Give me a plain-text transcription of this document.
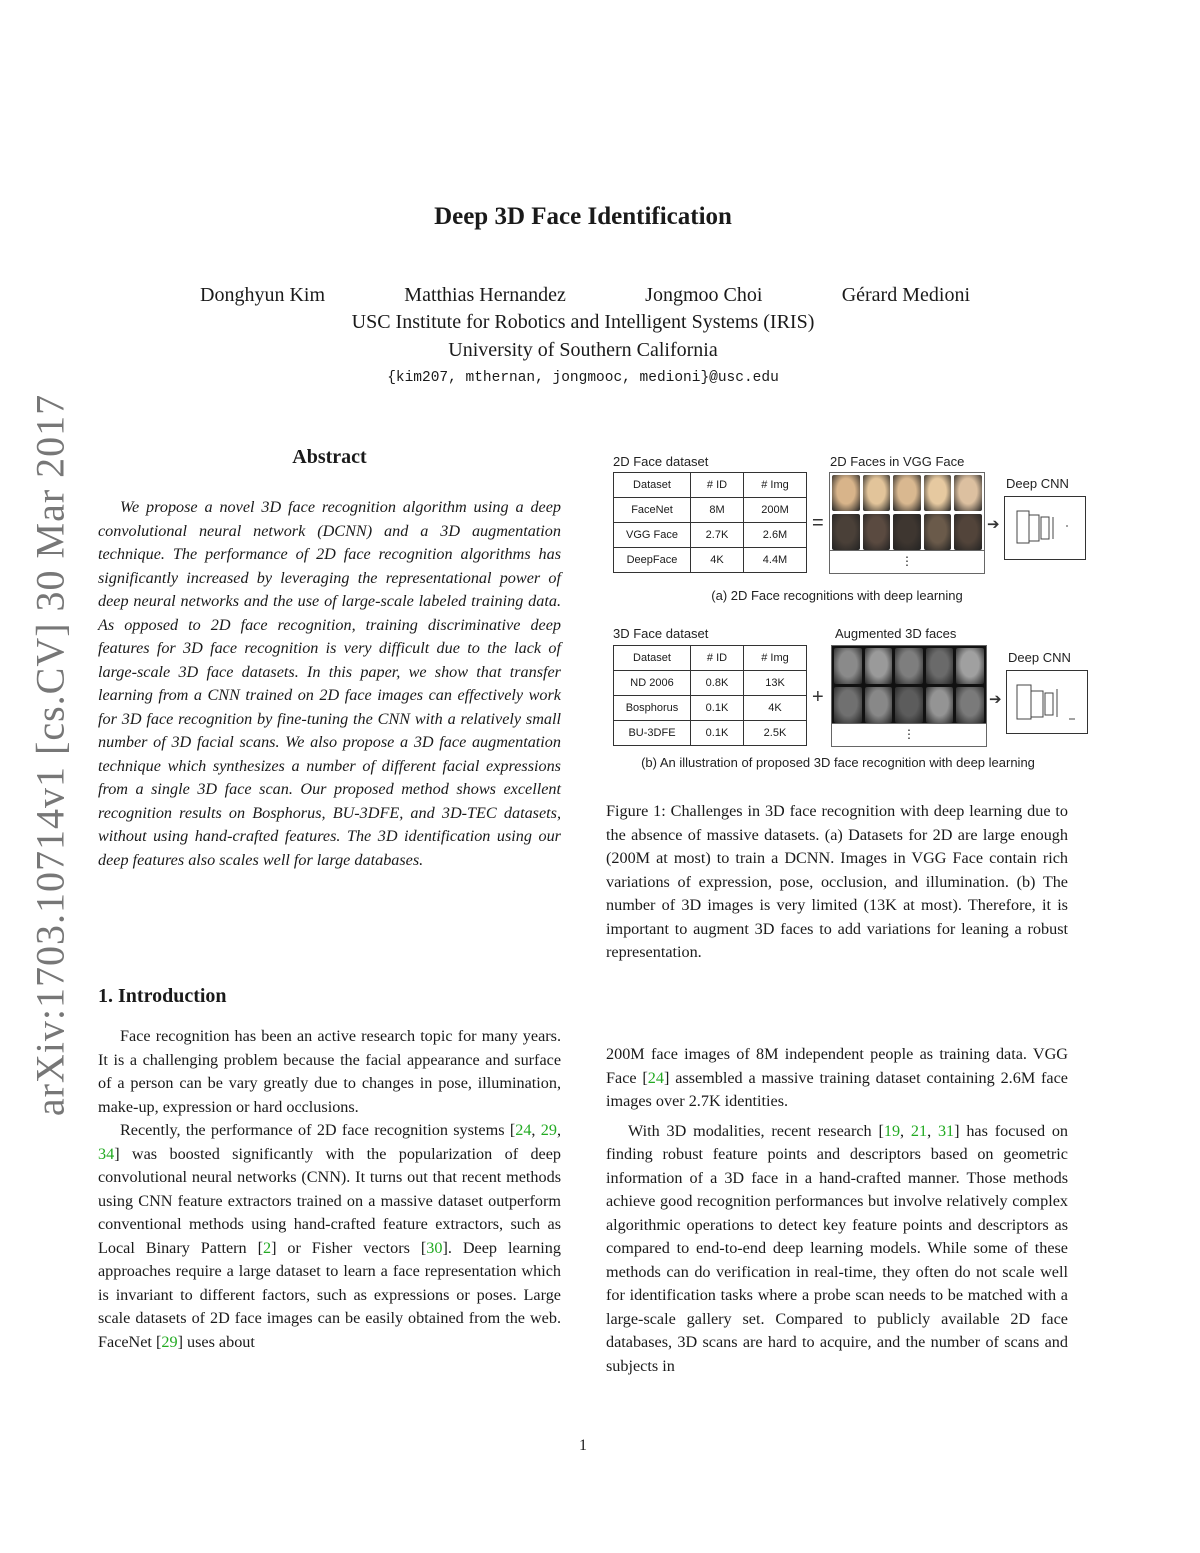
arXiv:1703.10714v1 [cs.CV] 30 Mar 2017
Deep 3D Face Identification
Donghyun Kim	Matthias Hernandez	Jongmoo Choi	Gérard Medioni
USC Institute for Robotics and Intelligent Systems (IRIS)
University of Southern California
{kim207, mthernan, jongmooc, medioni}@usc.edu
Abstract

We propose a novel 3D face recognition algorithm using a deep convolutional neural network (DCNN) and a 3D augmentation technique. The performance of 2D face recognition algorithms has significantly increased by leveraging the representational power of deep neural networks and the use of large-scale labeled training data. As opposed to 2D face recognition, training discriminative deep features for 3D face recognition is very difficult due to the lack of large-scale 3D face datasets. In this paper, we show that transfer learning from a CNN trained on 2D face images can effectively work for 3D face recognition by fine-tuning the CNN with a relatively small number of 3D facial scans. We also propose a 3D face augmentation technique which synthesizes a number of different facial expressions from a single 3D face scan. Our proposed method shows excellent recognition results on Bosphorus, BU-3DFE, and 3D-TEC datasets, without using hand-crafted features. The 3D identification using our deep features also scales well for large databases.

1. Introduction

Face recognition has been an active research topic for many years. It is a challenging problem because the facial appearance and surface of a person can be vary greatly due to changes in pose, illumination, make-up, expression or hard occlusions.

Recently, the performance of 2D face recognition systems [24, 29, 34] was boosted significantly with the popularization of deep convolutional neural networks (CNN). It turns out that recent methods using CNN feature extractors trained on a massive dataset outperform conventional methods using hand-crafted feature extractors, such as Local Binary Pattern [2] or Fisher vectors [30]. Deep learning approaches require a large dataset to learn a face representation which is invariant to different factors, such as expressions or poses. Large scale datasets of 2D face images can be easily obtained from the web. FaceNet [29] uses about

2D Face dataset	2D Faces in VGG Face
Dataset	# ID	# Img
FaceNet	8M	200M
VGG Face	2.7K	2.6M
DeepFace	4K	4.4M
=
⋮
➔
Deep CNN
(a) 2D Face recognitions with deep learning
3D Face dataset	Augmented 3D faces
Dataset	# ID	# Img
ND 2006	0.8K	13K
Bosphorus	0.1K	4K
BU-3DFE	0.1K	2.5K
+
⋮
➔
Deep CNN
(b) An illustration of proposed 3D face recognition with deep learning

Figure 1: Challenges in 3D face recognition with deep learning due to the absence of massive datasets. (a) Datasets for 2D are large enough (200M at most) to train a DCNN. Images in VGG Face contain rich variations of expression, pose, occlusion, and illumination. (b) The number of 3D images is very limited (13K at most). Therefore, it is important to augment 3D faces to add variations for leaning a robust representation.

200M face images of 8M independent people as training data. VGG Face [24] assembled a massive training dataset containing 2.6M face images over 2.7K identities.

With 3D modalities, recent research [19, 21, 31] has focused on finding robust feature points and descriptors based on geometric information of a 3D face in a hand-crafted manner. Those methods achieve good recognition performances but involve relatively complex algorithmic operations to detect key feature points and descriptors as compared to end-to-end deep learning models. While some of these methods can do verification in real-time, they often do not scale well for identification tasks where a probe scan needs to be matched with a large-scale gallery set. Compared to publicly available 2D face databases, 3D scans are hard to acquire, and the number of scans and subjects in

1
